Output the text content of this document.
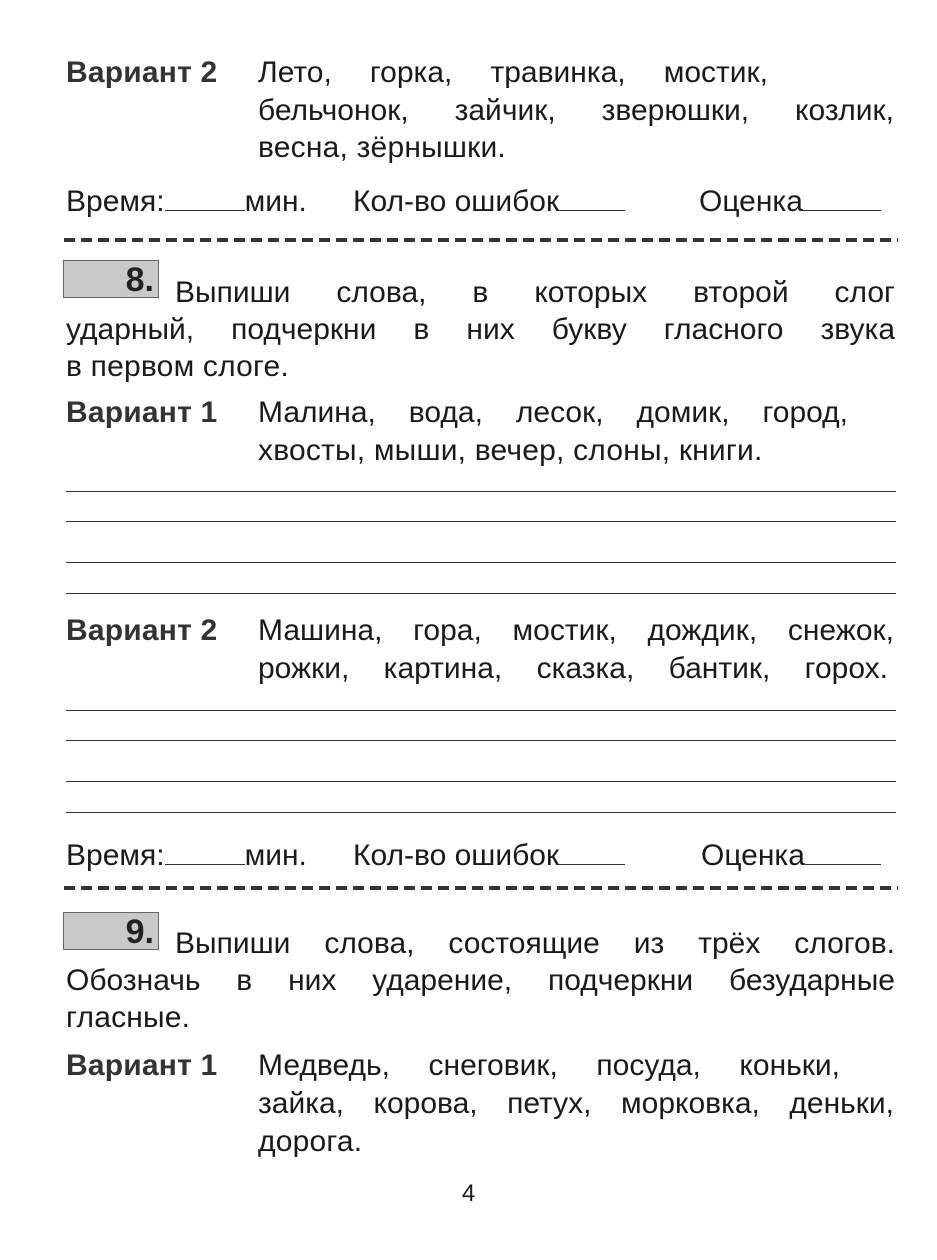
Вариант 2 Лето, горка, травинка, мостик,
бельчонок, зайчик, зверюшки, козлик,
весна, зёрнышки.
Время:	мин. Кол-во ошибок	Оценка
8. Выпиши слова, в которых второй слог
ударный, подчеркни в них букву гласного звука
в первом слоге.
Вариант 1 Малина, вода, лесок, домик, город,
хвосты, мыши, вечер, слоны, книги.
Вариант 2 Машина, гора, мостик, дождик, снежок,
рожки, картина, сказка, бантик, горох.
Время:	мин. Кол-во ошибок	Оценка
9. Выпиши слова, состоящие из трёх слогов.
Обозначь в них ударение, подчеркни безударные
гласные.
Вариант 1 Медведь, снеговик, посуда, коньки,
зайка, корова, петух, морковка, деньки,
дорога.
4
